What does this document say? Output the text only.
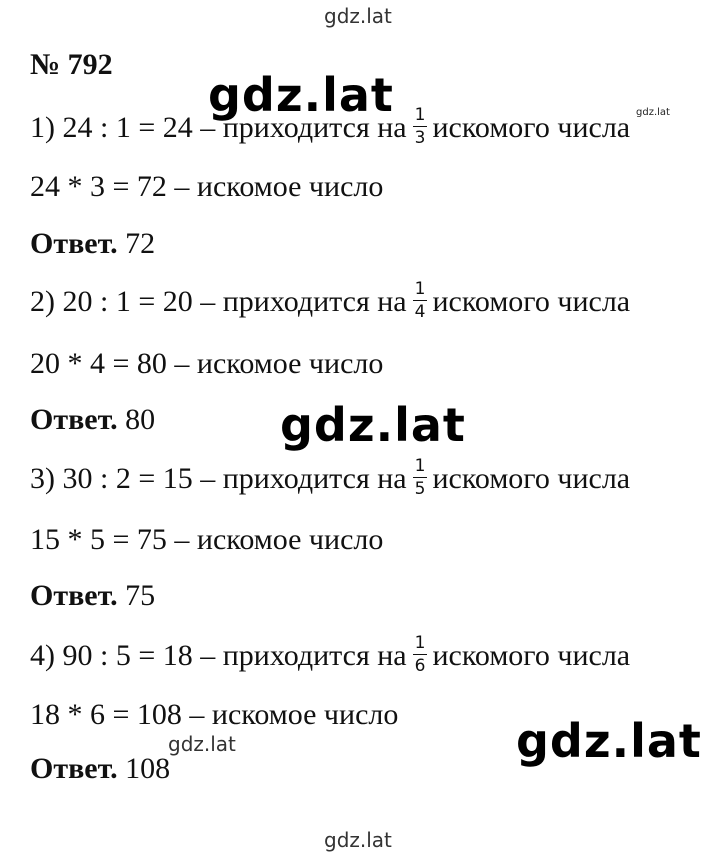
№ 792
1) 24 : 1 = 24 – приходится на $\frac{1}{3}$ искомого числа
24 * 3 = 72 – искомое число
Ответ. 72
2) 20 : 1 = 20 – приходится на $\frac{1}{4}$ искомого числа
20 * 4 = 80 – искомое число
Ответ. 80
3) 30 : 2 = 15 – приходится на $\frac{1}{5}$ искомого числа
15 * 5 = 75 – искомое число
Ответ. 75
4) 90 : 5 = 18 – приходится на $\frac{1}{6}$ искомого числа
18 * 6 = 108 – искомое число
Ответ. 108
gdz.lat
gdz.lat	gdz.lat
gdz.lat
gdz.lat	gdz.lat
gdz.lat
